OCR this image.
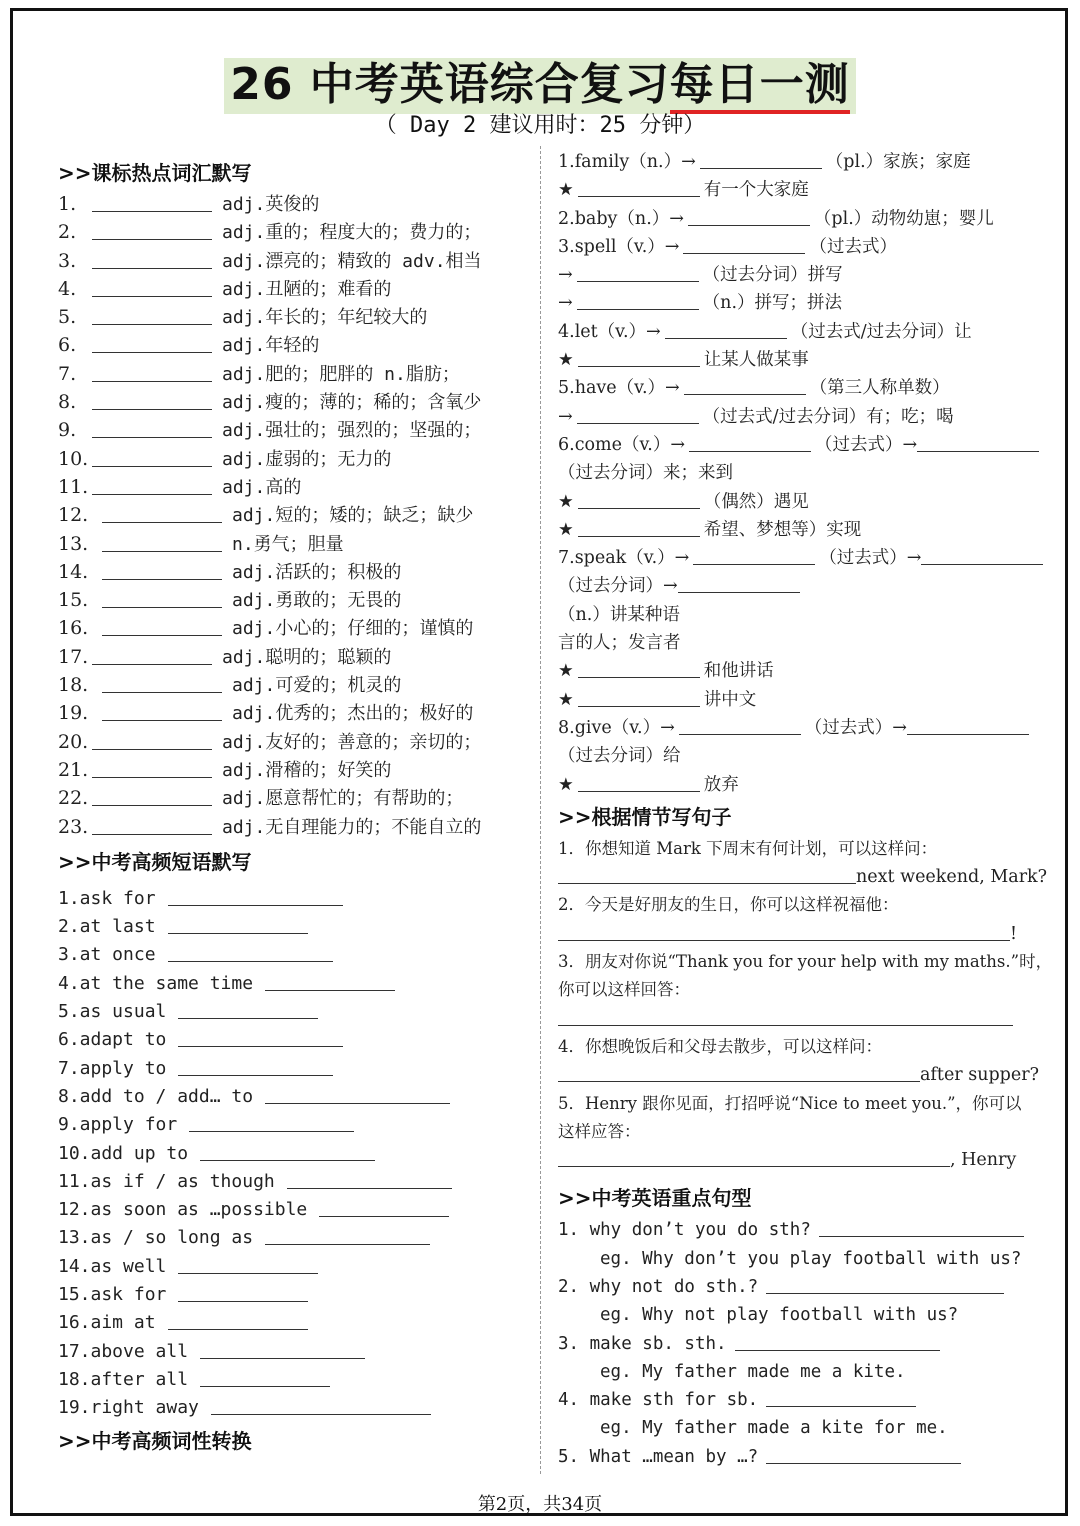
26 中考英语综合复习每日一测
（ Day 2 建议用时：25 分钟）
>>课标热点词汇默写
1.	adj.英俊的
2.	adj.重的；程度大的；费力的；
3.	adj.漂亮的；精致的 adv.相当
4.	adj.丑陋的；难看的
5.	adj.年长的；年纪较大的
6.	adj.年轻的
7.	adj.肥的；肥胖的 n.脂肪；
8.	adj.瘦的；薄的；稀的；含氧少
9.	adj.强壮的；强烈的；坚强的；
10.	adj.虚弱的；无力的
11.	adj.高的
12.	adj.短的；矮的；缺乏；缺少
13.	n.勇气；胆量
14.	adj.活跃的；积极的
15.	adj.勇敢的；无畏的
16.	adj.小心的；仔细的；谨慎的
17.	adj.聪明的；聪颖的
18.	adj.可爱的；机灵的
19.	adj.优秀的；杰出的；极好的
20.	adj.友好的；善意的；亲切的；
21.	adj.滑稽的；好笑的
22.	adj.愿意帮忙的；有帮助的；
23.	adj.无自理能力的；不能自立的
>>中考高频短语默写
1.ask for
2.at last
3.at once
4.at the same time
5.as usual
6.adapt to
7.apply to
8.add to / add… to
9.apply for
10.add up to
11.as if / as though
12.as soon as …possible
13.as / so long as
14.as well
15.ask for
16.aim at
17.above all
18.after all
19.right away
>>中考高频词性转换
1.family（n.）→	（pl.）家族；家庭
★	有一个大家庭
2.baby（n.）→	（pl.）动物幼崽；婴儿
3.spell（v.）→	（过去式）
→	（过去分词）拼写
→	（n.）拼写；拼法
4.let（v.）→	（过去式/过去分词）让
★	让某人做某事
5.have（v.）→	（第三人称单数）
→	（过去式/过去分词）有；吃；喝
6.come（v.）→	（过去式）→
（过去分词）来；来到
★	（偶然）遇见
★	希望、梦想等）实现
7.speak（v.）→	（过去式）→
（过去分词）→
（n.）讲某种语
言的人；发言者
★	和他讲话
★	讲中文
8.give（v.）→	（过去式）→
（过去分词）给
★	放弃
>>根据情节写句子
1．你想知道 Mark 下周末有何计划，可以这样问：
next weekend, Mark?
2．今天是好朋友的生日，你可以这样祝福他：
!
3．朋友对你说“Thank you for your help with my maths.”时，
你可以这样回答：
4．你想晚饭后和父母去散步，可以这样问：
after supper?
5．Henry 跟你见面，打招呼说“Nice to meet you.”，你可以
这样应答：
, Henry
>>中考英语重点句型
1. why don’t you do sth?
eg. Why don’t you play football with us?
2. why not do sth.?
eg. Why not play football with us?
3. make sb. sth.
eg. My father made me a kite.
4. make sth for sb.
eg. My father made a kite for me.
5. What …mean by …?
第2页，共34页
